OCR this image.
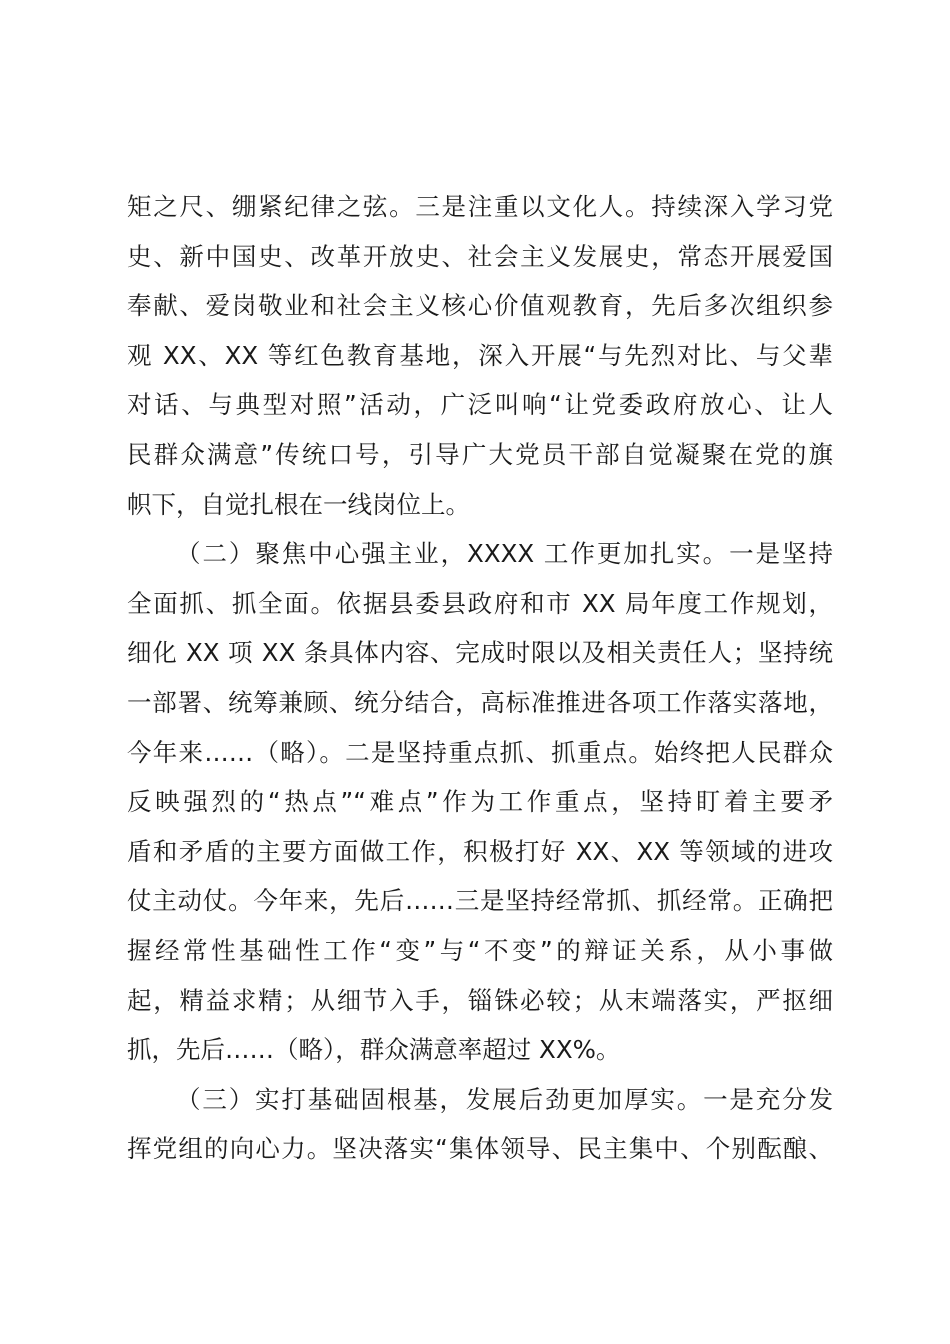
矩之尺、绷紧纪律之弦。三是注重以文化人。持续深入学习党
史、新中国史、改革开放史、社会主义发展史，常态开展爱国
奉献、爱岗敬业和社会主义核心价值观教育，先后多次组织参
观 XX、XX 等红色教育基地，深入开展“与先烈对比、与父辈
对话、与典型对照”活动，广泛叫响“让党委政府放心、让人
民群众满意”传统口号，引导广大党员干部自觉凝聚在党的旗
帜下，自觉扎根在一线岗位上。
（二）聚焦中心强主业，XXXX 工作更加扎实。一是坚持
全面抓、抓全面。依据县委县政府和市 XX 局年度工作规划，
细化 XX 项 XX 条具体内容、完成时限以及相关责任人；坚持统
一部署、统筹兼顾、统分结合，高标准推进各项工作落实落地，
今年来……（略）。二是坚持重点抓、抓重点。始终把人民群众
反映强烈的“热点”“难点”作为工作重点，坚持盯着主要矛
盾和矛盾的主要方面做工作，积极打好 XX、XX 等领域的进攻
仗主动仗。今年来，先后……三是坚持经常抓、抓经常。正确把
握经常性基础性工作“变”与“不变”的辩证关系，从小事做
起，精益求精；从细节入手，锱铢必较；从末端落实，严抠细
抓，先后……（略），群众满意率超过 XX%。
（三）实打基础固根基，发展后劲更加厚实。一是充分发
挥党组的向心力。坚决落实“集体领导、民主集中、个别酝酿、
